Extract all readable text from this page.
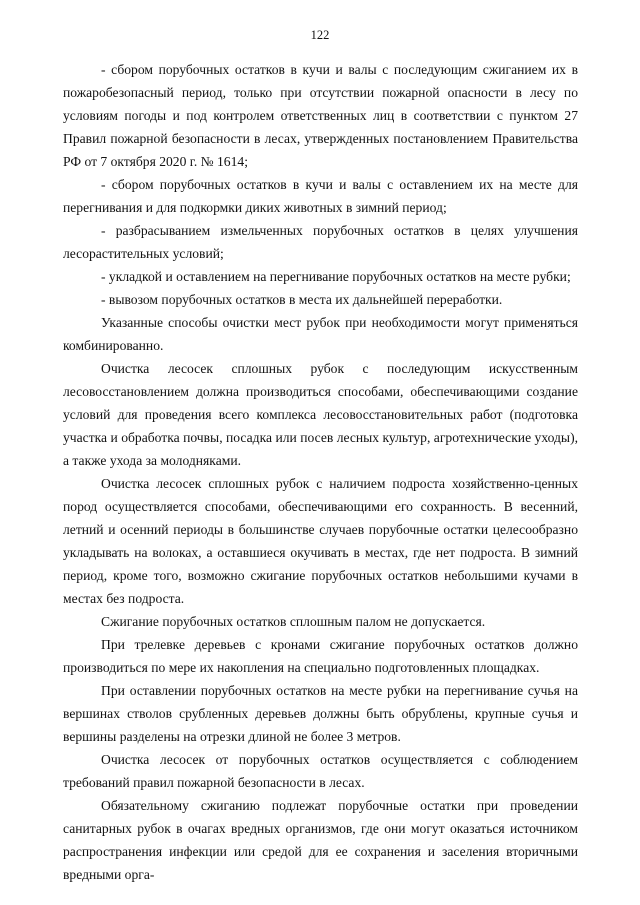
122

- сбором порубочных остатков в кучи и валы с последующим сжиганием их в пожаробезопасный период, только при отсутствии пожарной опасности в лесу по условиям погоды и под контролем ответственных лиц в соответствии с пунктом 27 Правил пожарной безопасности в лесах, утвержденных постановлением Правительства РФ от 7 октября 2020 г. № 1614;

- сбором порубочных остатков в кучи и валы с оставлением их на месте для перегнивания и для подкормки диких животных в зимний период;

- разбрасыванием измельченных порубочных остатков в целях улучшения лесорастительных условий;

- укладкой и оставлением на перегнивание порубочных остатков на месте рубки;

- вывозом порубочных остатков в места их дальнейшей переработки.

Указанные способы очистки мест рубок при необходимости могут применяться комбинированно.

Очистка лесосек сплошных рубок с последующим искусственным лесовосстановлением должна производиться способами, обеспечивающими создание условий для проведения всего комплекса лесовосстановительных работ (подготовка участка и обработка почвы, посадка или посев лесных культур, агротехнические уходы), а также ухода за молодняками.

Очистка лесосек сплошных рубок с наличием подроста хозяйственно-ценных пород осуществляется способами, обеспечивающими его сохранность. В весенний, летний и осенний периоды в большинстве случаев порубочные остатки целесообразно укладывать на волоках, а оставшиеся окучивать в местах, где нет подроста. В зимний период, кроме того, возможно сжигание порубочных остатков небольшими кучами в местах без подроста.

Сжигание порубочных остатков сплошным палом не допускается.

При трелевке деревьев с кронами сжигание порубочных остатков должно производиться по мере их накопления на специально подготовленных площадках.

При оставлении порубочных остатков на месте рубки на перегнивание сучья на вершинах стволов срубленных деревьев должны быть обрублены, крупные сучья и вершины разделены на отрезки длиной не более 3 метров.

Очистка лесосек от порубочных остатков осуществляется с соблюдением требований правил пожарной безопасности в лесах.

Обязательному сжиганию подлежат порубочные остатки при проведении санитарных рубок в очагах вредных организмов, где они могут оказаться источником распространения инфекции или средой для ее сохранения и заселения вторичными вредными орга-
